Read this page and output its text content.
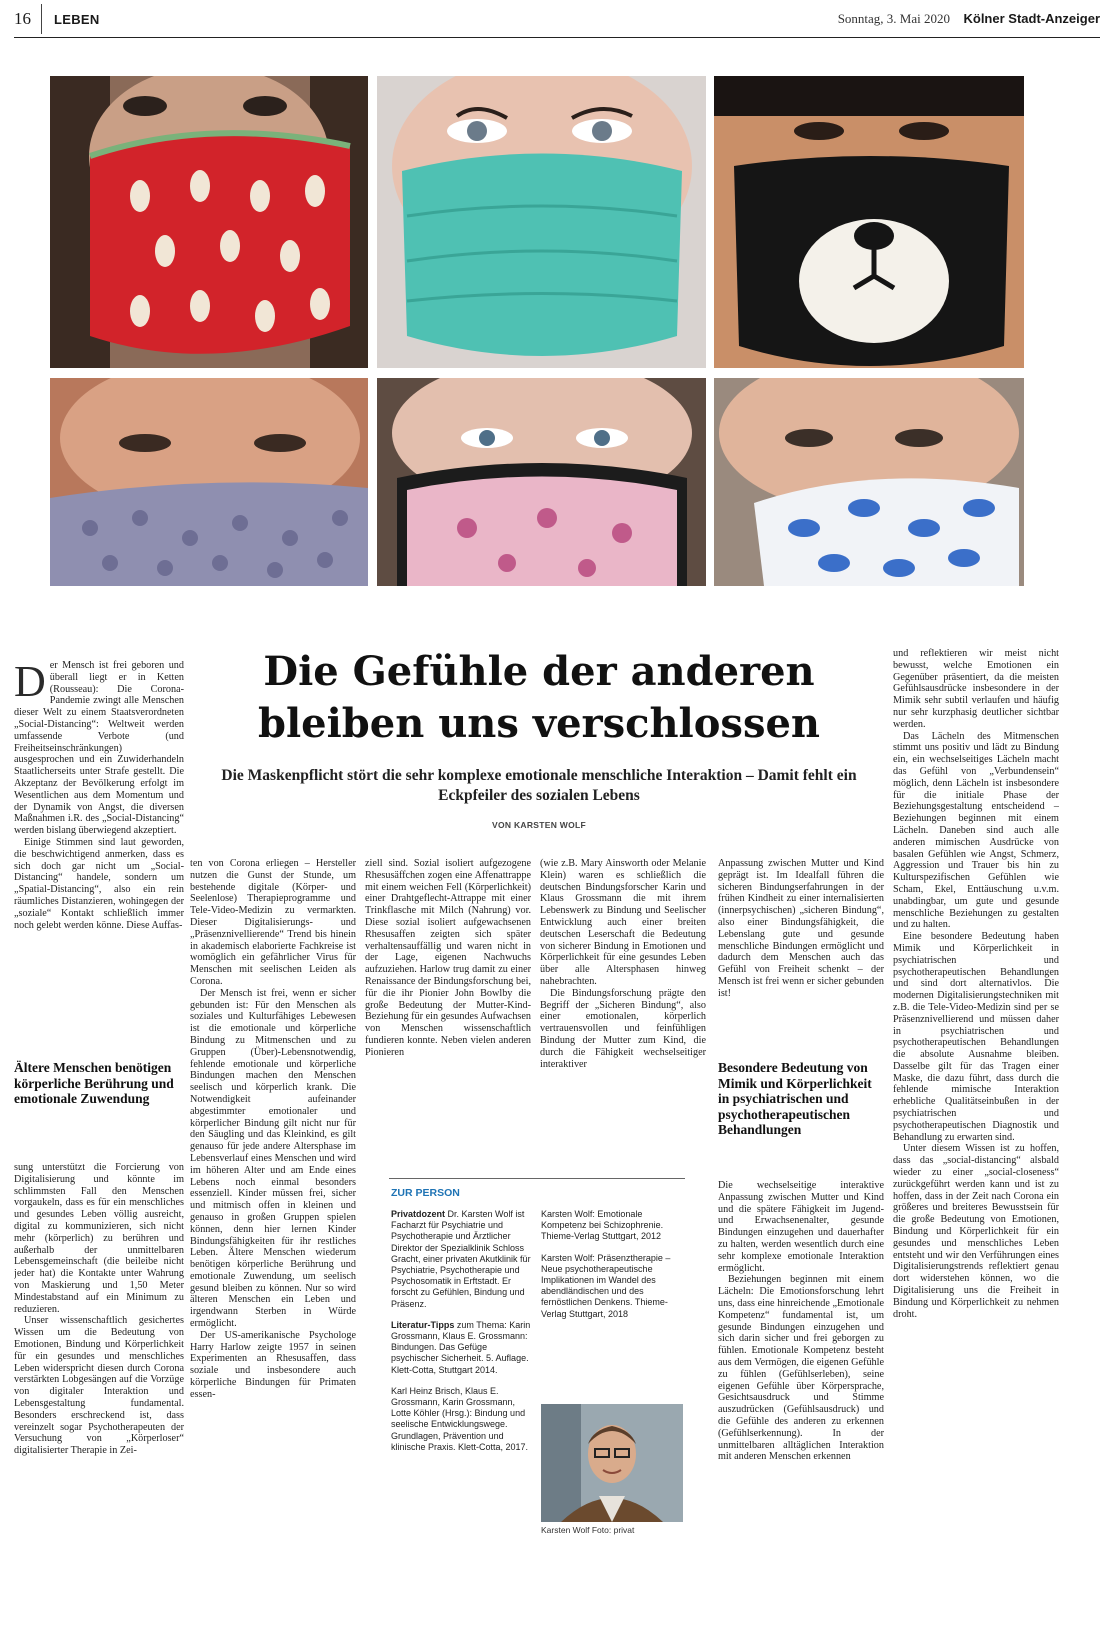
16 LEBEN	Sonntag, 3. Mai 2020 Kölner Stadt-Anzeiger
Die Gefühle der anderen bleiben uns verschlossen
Die Maskenpflicht stört die sehr komplexe emotionale menschliche Interaktion – Damit fehlt ein Eckpfeiler des sozialen Lebens
VON KARSTEN WOLF
D er Mensch ist frei geboren und überall liegt er in Ketten (Rousseau): Die Corona-Pandemie zwingt alle Menschen dieser Welt zu einem Staatsverordneten „Social-Distancing“: Weltweit werden umfassende Verbote (und Freiheitseinschränkungen) ausgesprochen und ein Zuwiderhandeln Staatlicherseits unter Strafe gestellt. Die Akzeptanz der Bevölkerung erfolgt im Wesentlichen aus dem Momentum und der Dynamik von Angst, die diversen Maßnahmen i.R. des „Social-Distancing“ werden bislang überwiegend akzeptiert.

Einige Stimmen sind laut geworden, die beschwichtigend anmerken, dass es sich doch gar nicht um „Social-Distancing“ handele, sondern um „Spatial-Distancing“, also ein rein räumliches Distanzieren, wohingegen der „soziale“ Kontakt schließlich immer noch gelebt werden könne. Diese Auffas-

Ältere Menschen benötigen körperliche Berührung und emotionale Zuwendung

sung unterstützt die Forcierung von Digitalisierung und könnte im schlimmsten Fall den Menschen vorgaukeln, dass es für ein menschliches und gesundes Leben völlig ausreicht, digital zu kommunizieren, sich nicht mehr (körperlich) zu berühren und außerhalb der unmittelbaren Lebensgemeinschaft (die beileibe nicht jeder hat) die Kontakte unter Wahrung von Maskierung und 1,50 Meter Mindestabstand auf ein Minimum zu reduzieren.

Unser wissenschaftlich gesichertes Wissen um die Bedeutung von Emotionen, Bindung und Körperlichkeit für ein gesundes und menschliches Leben widerspricht diesen durch Corona verstärkten Lobgesängen auf die Vorzüge von digitaler Interaktion und Lebensgestaltung fundamental. Besonders erschreckend ist, dass vereinzelt sogar Psychotherapeuten der Versuchung von „Körperloser“ digitalisierter Therapie in Zei-

ten von Corona erliegen – Hersteller nutzen die Gunst der Stunde, um bestehende digitale (Körper- und Seelenlose) Therapieprogramme und Tele-Video-Medizin zu vermarkten. Dieser Digitalisierungs- und „Präsenznivellierende“ Trend bis hinein in akademisch elaborierte Fachkreise ist womöglich ein gefährlicher Virus für Menschen mit seelischen Leiden als Corona.

Der Mensch ist frei, wenn er sicher gebunden ist: Für den Menschen als soziales und Kulturfähiges Lebewesen ist die emotionale und körperliche Bindung zu Mitmenschen und zu Gruppen (Über)-Lebensnotwendig, fehlende emotionale und körperliche Bindungen machen den Menschen seelisch und körperlich krank. Die Notwendigkeit aufeinander abgestimmter emotionaler und körperlicher Bindung gilt nicht nur für den Säugling und das Kleinkind, es gilt genauso für jede andere Altersphase im Lebensverlauf eines Menschen und wird im höheren Alter und am Ende eines Lebens noch einmal besonders essenziell. Kinder müssen frei, sicher und mitmisch offen in kleinen und genauso in großen Gruppen spielen können, denn hier lernen Kinder Bindungsfähigkeiten für ihr restliches Leben. Ältere Menschen wiederum benötigen körperliche Berührung und emotionale Zuwendung, um seelisch gesund bleiben zu können. Nur so wird älteren Menschen ein Leben und irgendwann Sterben in Würde ermöglicht.

Der US-amerikanische Psychologe Harry Harlow zeigte 1957 in seinen Experimenten an Rhesusaffen, dass soziale und insbesondere auch körperliche Bindungen für Primaten essen-

ziell sind. Sozial isoliert aufgezogene Rhesusäffchen zogen eine Affenattrappe mit einem weichen Fell (Körperlichkeit) einer Drahtgeflecht-Attrappe mit einer Trinkflasche mit Milch (Nahrung) vor. Diese sozial isoliert aufgewachsenen Rhesusaffen zeigten sich später verhaltensauffällig und waren nicht in der Lage, eigenen Nachwuchs aufzuziehen. Harlow trug damit zu einer Renaissance der Bindungsforschung bei, für die ihr Pionier John Bowlby die große Bedeutung der Mutter-Kind-Beziehung für ein gesundes Aufwachsen von Menschen wissenschaftlich fundieren konnte. Neben vielen anderen Pionieren

(wie z.B. Mary Ainsworth oder Melanie Klein) waren es schließlich die deutschen Bindungsforscher Karin und Klaus Grossmann die mit ihrem Lebenswerk zu Bindung und Seelischer Entwicklung auch einer breiten deutschen Leserschaft die Bedeutung von sicherer Bindung in Emotionen und Körperlichkeit für eine gesundes Leben über alle Altersphasen hinweg nahebrachten.

Die Bindungsforschung prägte den Begriff der „Sicheren Bindung“, also einer emotionalen, körperlich vertrauensvollen und feinfühligen Bindung der Mutter zum Kind, die durch die Fähigkeit wechselseitiger interaktiver

Anpassung zwischen Mutter und Kind geprägt ist. Im Idealfall führen die sicheren Bindungserfahrungen in der frühen Kindheit zu einer internalisierten (innerpsychischen) „sicheren Bindung“, also einer Bindungsfähigkeit, die Lebenslang gute und gesunde menschliche Bindungen ermöglicht und dadurch dem Menschen auch das Gefühl von Freiheit schenkt – der Mensch ist frei wenn er sicher gebunden ist!

Besondere Bedeutung von Mimik und Körperlichkeit in psychiatrischen und psychotherapeutischen Behandlungen

Die wechselseitige interaktive Anpassung zwischen Mutter und Kind und die spätere Fähigkeit im Jugend- und Erwachsenenalter, gesunde Bindungen einzugehen und dauerhafter zu halten, werden wesentlich durch eine sehr komplexe emotionale Interaktion ermöglicht.

Beziehungen beginnen mit einem Lächeln: Die Emotionsforschung lehrt uns, dass eine hinreichende „Emotionale Kompetenz“ fundamental ist, um gesunde Bindungen einzugehen und sich darin sicher und frei geborgen zu fühlen. Emotionale Kompetenz besteht aus dem Vermögen, die eigenen Gefühle zu fühlen (Gefühlserleben), seine eigenen Gefühle über Körpersprache, Gesichtsausdruck und Stimme auszudrücken (Gefühlsausdruck) und die Gefühle des anderen zu erkennen (Gefühlserkennung). In der unmittelbaren alltäglichen Interaktion mit anderen Menschen erkennen

und reflektieren wir meist nicht bewusst, welche Emotionen ein Gegenüber präsentiert, da die meisten Gefühlsausdrücke insbesondere in der Mimik sehr subtil verlaufen und häufig nur sehr kurzphasig deutlicher sichtbar werden.

Das Lächeln des Mitmenschen stimmt uns positiv und lädt zu Bindung ein, ein wechselseitiges Lächeln macht das Gefühl von „Verbundensein“ möglich, denn Lächeln ist insbesondere für die initiale Phase der Beziehungsgestaltung entscheidend – Beziehungen beginnen mit einem Lächeln. Daneben sind auch alle anderen mimischen Ausdrücke von basalen Gefühlen wie Angst, Schmerz, Aggression und Trauer bis hin zu Kulturspezifischen Gefühlen wie Scham, Ekel, Enttäuschung u.v.m. unabdingbar, um gute und gesunde menschliche Beziehungen zu gestalten und zu halten.

Eine besondere Bedeutung haben Mimik und Körperlichkeit in psychiatrischen und psychotherapeutischen Behandlungen und sind dort alternativlos. Die modernen Digitalisierungstechniken mit z.B. die Tele-Video-Medizin sind per se Präsenznivellierend und müssen daher in psychiatrischen und psychotherapeutischen Behandlungen die absolute Ausnahme bleiben. Dasselbe gilt für das Tragen einer Maske, die dazu führt, dass durch die fehlende mimische Interaktion erhebliche Qualitätseinbußen in der psychiatrischen und psychotherapeutischen Diagnostik und Behandlung zu erwarten sind.

Unter diesem Wissen ist zu hoffen, dass das „social-distancing“ alsbald wieder zu einer „social-closeness“ zurückgeführt werden kann und ist zu hoffen, dass in der Zeit nach Corona ein größeres und breiteres Bewusstsein für die große Bedeutung von Emotionen, Bindung und Körperlichkeit für ein gesundes und menschliches Leben entsteht und wir den Verführungen eines Digitalisierungstrends reflektiert genau dort widerstehen können, wo die Digitalisierung uns die Freiheit in Bindung und Körperlichkeit zu nehmen droht.

ZUR PERSON

Privatdozent Dr. Karsten Wolf ist Facharzt für Psychiatrie und Psychotherapie und Ärztlicher Direktor der Spezialklinik Schloss Gracht, einer privaten Akutklinik für Psychiatrie, Psychotherapie und Psychosomatik in Erftstadt. Er forscht zu Gefühlen, Bindung und Präsenz.

Literatur-Tipps zum Thema: Karin Grossmann, Klaus E. Grossmann: Bindungen. Das Gefüge psychischer Sicherheit. 5. Auflage. Klett-Cotta, Stuttgart 2014.

Karl Heinz Brisch, Klaus E. Grossmann, Karin Grossmann, Lotte Köhler (Hrsg.): Bindung und seelische Entwicklungswege. Grundlagen, Prävention und klinische Praxis. Klett-Cotta, 2017.

Karsten Wolf: Emotionale Kompetenz bei Schizophrenie. Thieme-Verlag Stuttgart, 2012

Karsten Wolf: Präsenztherapie – Neue psychotherapeutische Implikationen im Wandel des abendländischen und des fernöstlichen Denkens. Thieme-Verlag Stuttgart, 2018

Karsten Wolf Foto: privat
